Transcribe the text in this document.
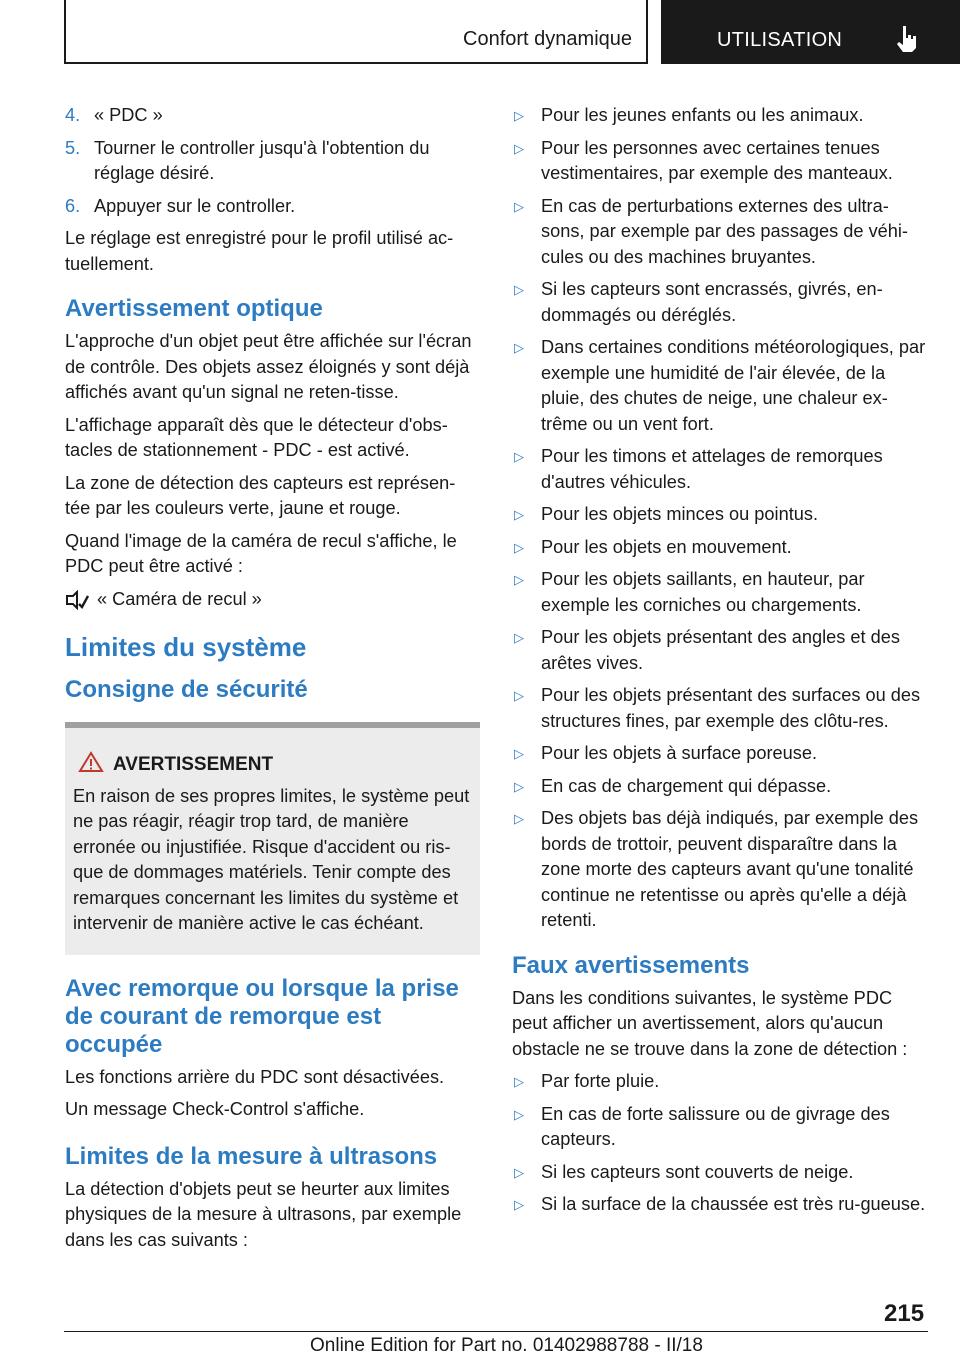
Confort dynamique	UTILISATION
4. « PDC »
5. Tourner le controller jusqu'à l'obtention du réglage désiré.
6. Appuyer sur le controller.

Le réglage est enregistré pour le profil utilisé ac-tuellement.

Avertissement optique

L'approche d'un objet peut être affichée sur l'écran de contrôle. Des objets assez éloignés y sont déjà affichés avant qu'un signal ne reten-tisse.

L'affichage apparaît dès que le détecteur d'obs-tacles de stationnement - PDC - est activé.

La zone de détection des capteurs est représen-tée par les couleurs verte, jaune et rouge.

Quand l'image de la caméra de recul s'affiche, le PDC peut être activé :

« Caméra de recul »
Limites du système
Consigne de sécurité
AVERTISSEMENT

En raison de ses propres limites, le système peut ne pas réagir, réagir trop tard, de manière erronée ou injustifiée. Risque d'accident ou ris-que de dommages matériels. Tenir compte des remarques concernant les limites du système et intervenir de manière active le cas échéant.

Avec remorque ou lorsque la prise de courant de remorque est occupée

Les fonctions arrière du PDC sont désactivées.

Un message Check-Control s'affiche.

Limites de la mesure à ultrasons

La détection d'objets peut se heurter aux limites physiques de la mesure à ultrasons, par exemple dans les cas suivants :

▷ Pour les jeunes enfants ou les animaux.
▷ Pour les personnes avec certaines tenues vestimentaires, par exemple des manteaux.
▷ En cas de perturbations externes des ultra-sons, par exemple par des passages de véhi-cules ou des machines bruyantes.
▷ Si les capteurs sont encrassés, givrés, en-dommagés ou déréglés.
▷ Dans certaines conditions météorologiques, par exemple une humidité de l'air élevée, de la pluie, des chutes de neige, une chaleur ex-trême ou un vent fort.
▷ Pour les timons et attelages de remorques d'autres véhicules.
▷ Pour les objets minces ou pointus.
▷ Pour les objets en mouvement.
▷ Pour les objets saillants, en hauteur, par exemple les corniches ou chargements.
▷ Pour les objets présentant des angles et des arêtes vives.
▷ Pour les objets présentant des surfaces ou des structures fines, par exemple des clôtu-res.
▷ Pour les objets à surface poreuse.
▷ En cas de chargement qui dépasse.
▷ Des objets bas déjà indiqués, par exemple des bords de trottoir, peuvent disparaître dans la zone morte des capteurs avant qu'une tonalité continue ne retentisse ou après qu'elle a déjà retenti.
Faux avertissements

Dans les conditions suivantes, le système PDC peut afficher un avertissement, alors qu'aucun obstacle ne se trouve dans la zone de détection :

▷ Par forte pluie.
▷ En cas de forte salissure ou de givrage des capteurs.
▷ Si les capteurs sont couverts de neige.
▷ Si la surface de la chaussée est très ru-gueuse.
215
Online Edition for Part no. 01402988788 - II/18
